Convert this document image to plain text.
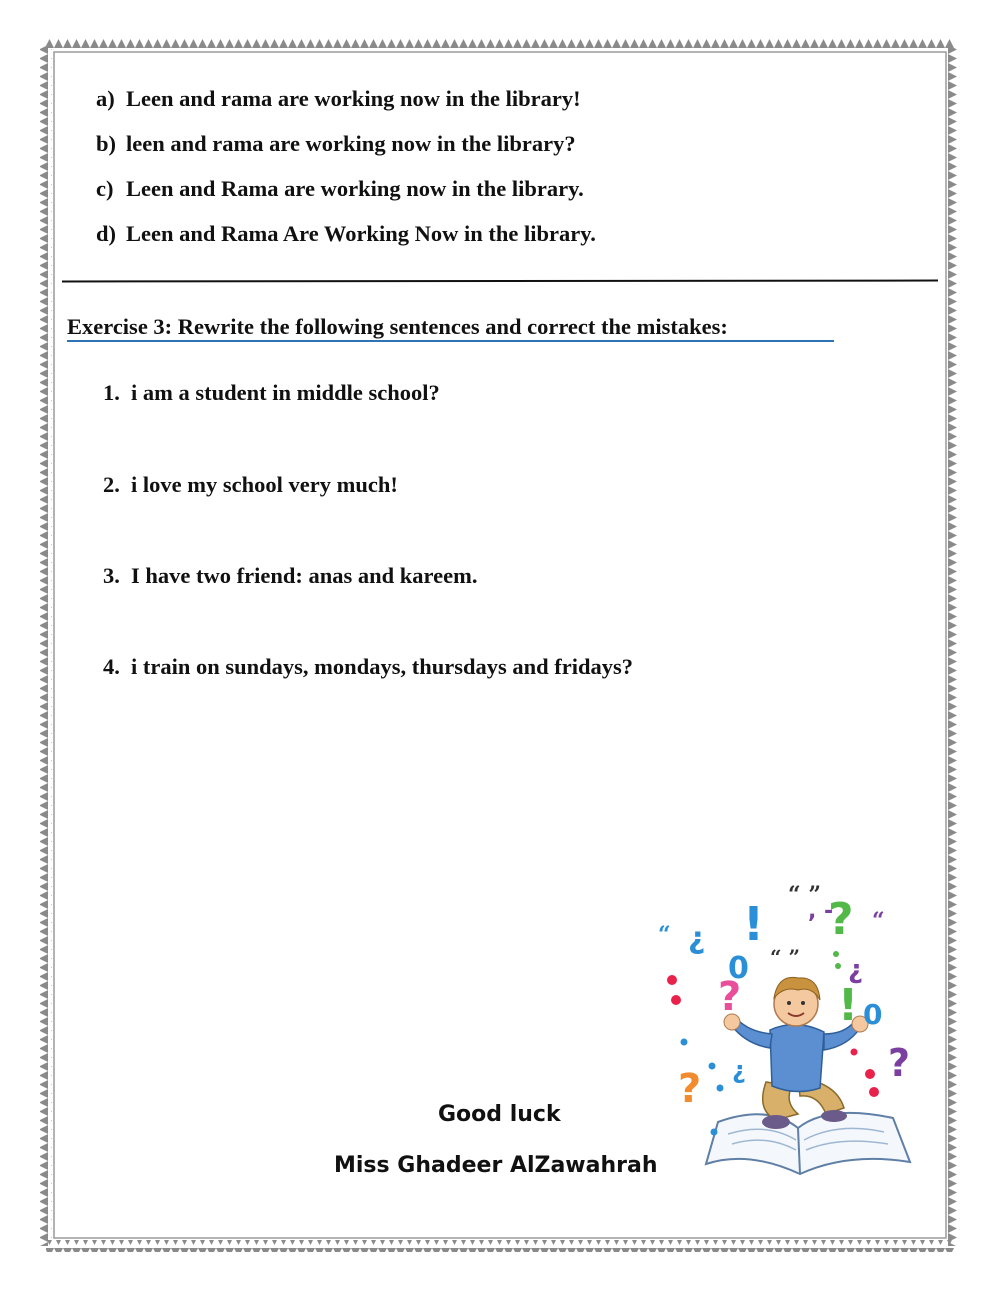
a) Leen and rama are working now in the library!
b) leen and rama are working now in the library?
c) Leen and Rama are working now in the library.
d) Leen and Rama Are Working Now in the library.
Exercise 3: Rewrite the following sentences and correct the mistakes:
1. i am a student in middle school?
2. i love my school very much!
3. I have two friend: anas and kareem.
4. i train on sundays, mondays, thursdays and fridays?
! ?
“ ”
, - “
“ ¿
0 “ ” ¿
? ! 0
?
?
¿
Good luck
Miss Ghadeer AlZawahrah
